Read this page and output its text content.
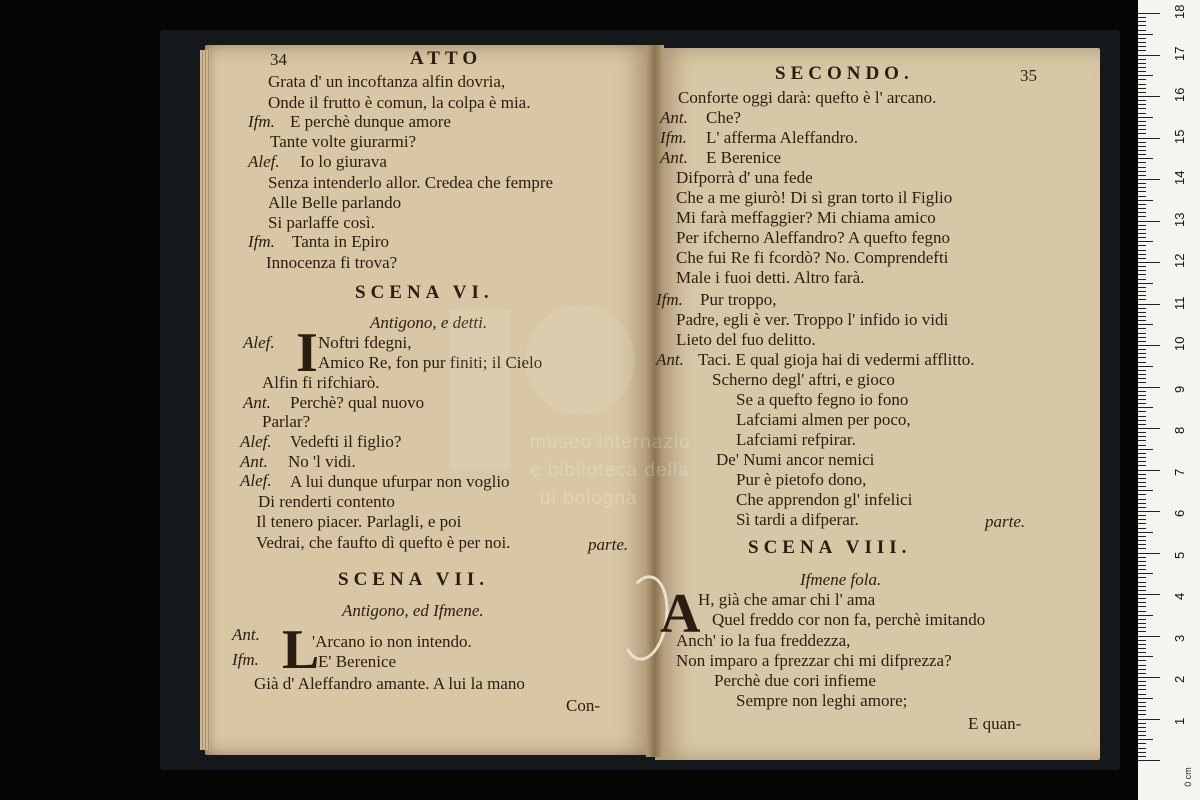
34	ATTO
Grata d' un incoftanza alfin dovria,
Onde il frutto è comun, la colpa è mia.
Ifm. E perchè dunque amore
Tante volte giurarmi?
Alef. Io lo giurava
Senza intenderlo allor. Credea che fempre
Alle Belle parlando
Si parlaffe così.
Ifm. Tanta in Epiro
Innocenza fi trova?
SCENA VI.
Antigono, e detti.
Alef. I Noftri fdegni,
Amico Re, fon pur finiti; il Cielo
Alfin fi rifchiarò.
Ant. Perchè? qual nuovo
Parlar?
Alef. Vedefti il figlio?
Ant. No 'l vidi.
Alef. A lui dunque ufurpar non voglio
Di renderti contento
Il tenero piacer. Parlagli, e poi
Vedrai, che faufto dì quefto è per noi.	parte.
SCENA VII.
Antigono, ed Ifmene.
Ant. L
'Arcano io non intendo.
Ifm.	E' Berenice
Già d' Aleffandro amante. A lui la mano
Con-
SECONDO.	35
Conforte oggi darà: quefto è l' arcano.
Ant. Che?
Ifm. L' afferma Aleffandro.
Ant. E Berenice
Difporrà d' una fede
Che a me giurò! Di sì gran torto il Figlio
Mi farà meffaggier? Mi chiama amico
Per ifcherno Aleffandro? A quefto fegno
Che fui Re fi fcordò? No. Comprendefti
Male i fuoi detti. Altro farà.
Ifm. Pur troppo,
Padre, egli è ver. Troppo l' infido io vidi
Lieto del fuo delitto.
Ant. Taci. E qual gioja hai di vedermi afflitto.
Scherno degl' aftri, e gioco
Se a quefto fegno io fono
Lafciami almen per poco,
Lafciami refpirar.
De' Numi ancor nemici
Pur è pietofo dono,
Che apprendon gl' infelici
Sì tardi a difperar.	parte.
SCENA VIII.
Ifmene fola.
A
H, già che amar chi l' ama
Quel freddo cor non fa, perchè imitando
Anch' io la fua freddezza,
Non imparo a fprezzar chi mi difprezza?
Perchè due cori infieme
Sempre non leghi amore;
E quan-
museo internazio
e biblioteca della
di bologna
1
2
3
4
5
6
7
8
9
10
11
12
13
14
15
16
17
18
0 cm
